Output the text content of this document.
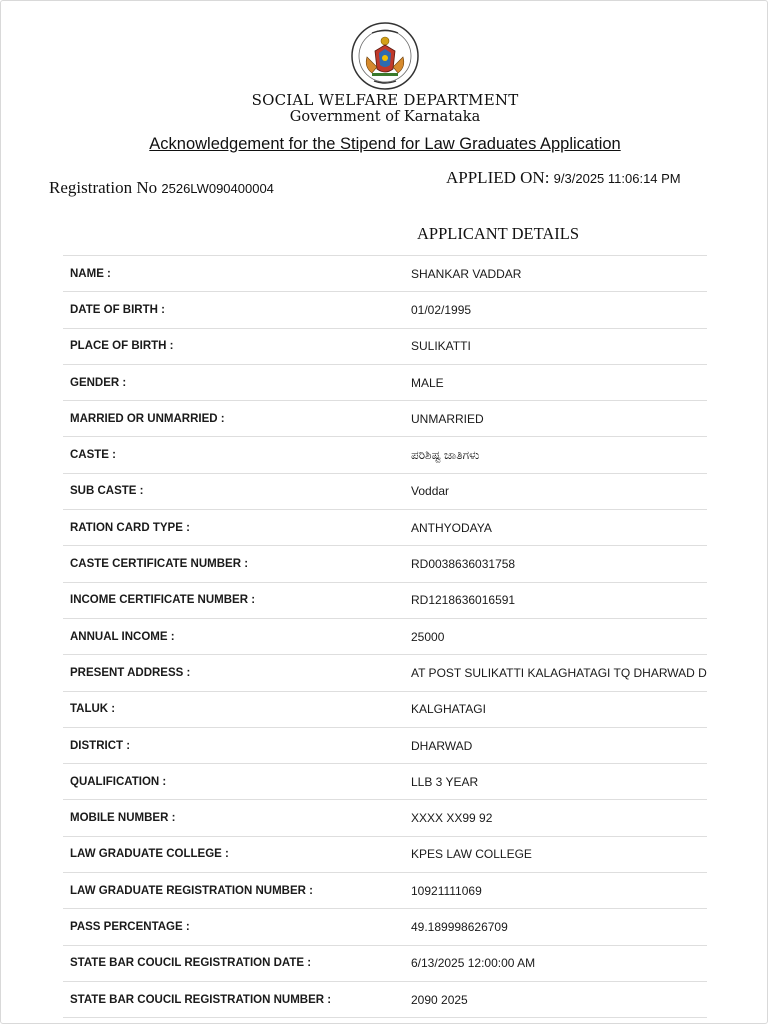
SOCIAL WELFARE DEPARTMENT
Government of Karnataka
Acknowledgement for the Stipend for Law Graduates Application
Registration No 2526LW090400004
APPLIED ON: 9/3/2025 11:06:14 PM
APPLICANT DETAILS
NAME :	SHANKAR VADDAR
DATE OF BIRTH :	01/02/1995
PLACE OF BIRTH :	SULIKATTI
GENDER :	MALE
MARRIED OR UNMARRIED :	UNMARRIED
CASTE :	ಪರಿಶಿಷ್ಟ ಜಾತಿಗಳು
SUB CASTE :	Voddar
RATION CARD TYPE :	ANTHYODAYA
CASTE CERTIFICATE NUMBER :	RD0038636031758
INCOME CERTIFICATE NUMBER :	RD1218636016591
ANNUAL INCOME :	25000
PRESENT ADDRESS :	AT POST SULIKATTI KALAGHATAGI TQ DHARWAD D
TALUK :	KALGHATAGI
DISTRICT :	DHARWAD
QUALIFICATION :	LLB 3 YEAR
MOBILE NUMBER :	XXXX XX99 92
LAW GRADUATE COLLEGE :	KPES LAW COLLEGE
LAW GRADUATE REGISTRATION NUMBER :	10921111069
PASS PERCENTAGE :	49.189998626709
STATE BAR COUCIL REGISTRATION DATE :	6/13/2025 12:00:00 AM
STATE BAR COUCIL REGISTRATION NUMBER :	2090 2025
